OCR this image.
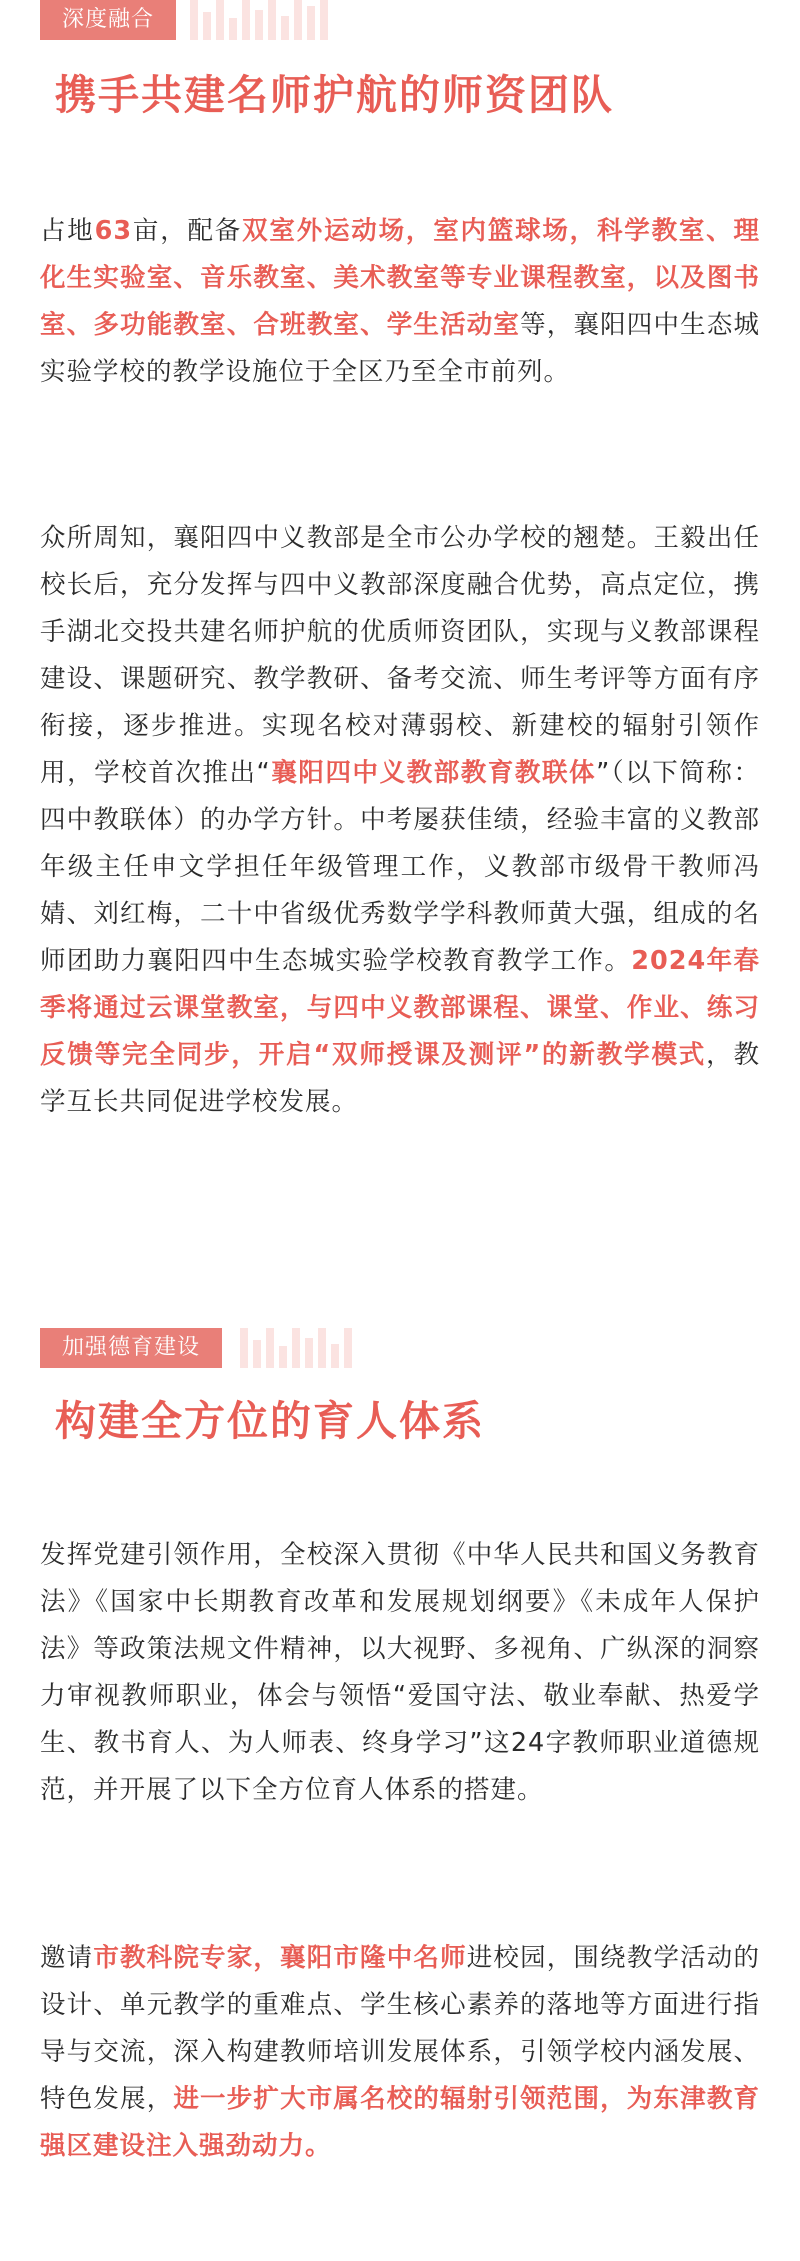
深度融合
携手共建名师护航的师资团队

占地63亩，配备双室外运动场，室内篮球场，科学教室、理化生实验室、音乐教室、美术教室等专业课程教室，以及图书室、多功能教室、合班教室、学生活动室等，襄阳四中生态城实验学校的教学设施位于全区乃至全市前列。

众所周知，襄阳四中义教部是全市公办学校的翘楚。王毅出任校长后，充分发挥与四中义教部深度融合优势，高点定位，携手湖北交投共建名师护航的优质师资团队，实现与义教部课程建设、课题研究、教学教研、备考交流、师生考评等方面有序衔接，逐步推进。实现名校对薄弱校、新建校的辐射引领作用，学校首次推出“襄阳四中义教部教育教联体”（以下简称：四中教联体）的办学方针。中考屡获佳绩，经验丰富的义教部年级主任申文学担任年级管理工作，义教部市级骨干教师冯婧、刘红梅，二十中省级优秀数学学科教师黄大强，组成的名师团助力襄阳四中生态城实验学校教育教学工作。2024年春季将通过云课堂教室，与四中义教部课程、课堂、作业、练习反馈等完全同步，开启“双师授课及测评”的新教学模式，教学互长共同促进学校发展。

加强德育建设
构建全方位的育人体系

发挥党建引领作用，全校深入贯彻《中华人民共和国义务教育法》《国家中长期教育改革和发展规划纲要》《未成年人保护法》等政策法规文件精神，以大视野、多视角、广纵深的洞察力审视教师职业，体会与领悟“爱国守法、敬业奉献、热爱学生、教书育人、为人师表、终身学习”这24字教师职业道德规范，并开展了以下全方位育人体系的搭建。

邀请市教科院专家，襄阳市隆中名师进校园，围绕教学活动的设计、单元教学的重难点、学生核心素养的落地等方面进行指导与交流，深入构建教师培训发展体系，引领学校内涵发展、特色发展，进一步扩大市属名校的辐射引领范围，为东津教育强区建设注入强劲动力。
